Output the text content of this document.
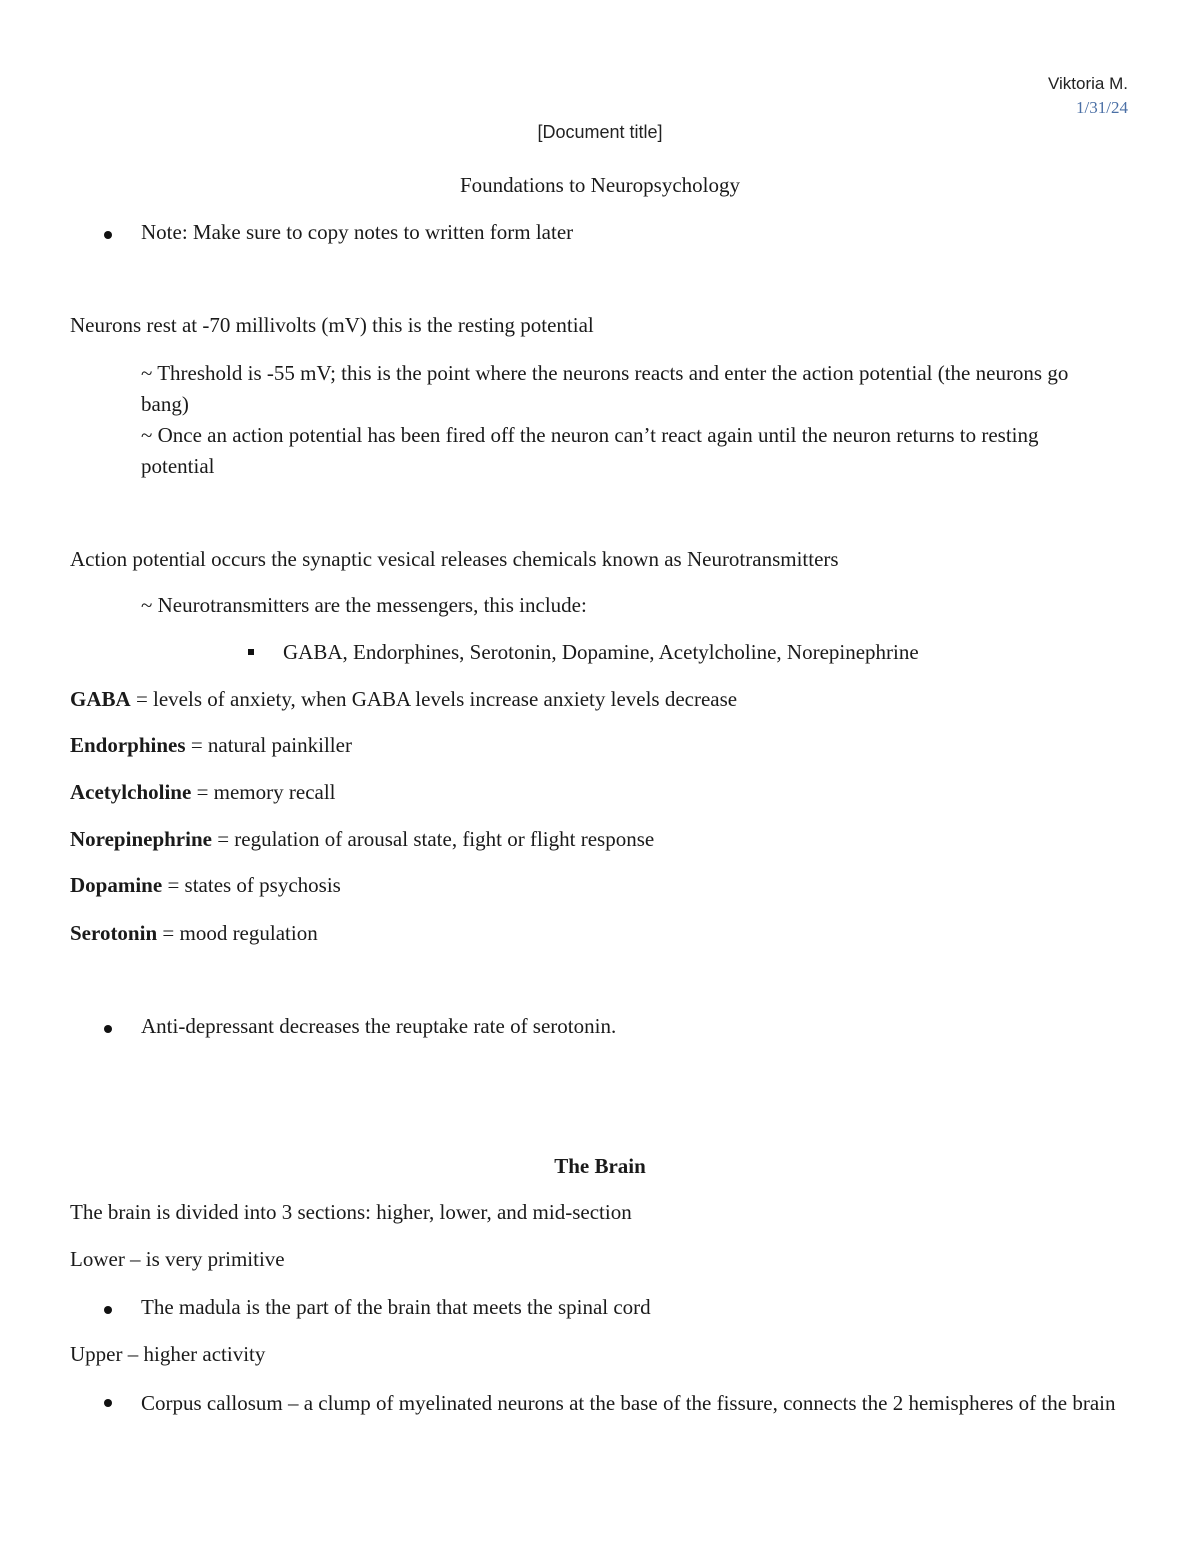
Viktoria M.
1/31/24
[Document title]
Foundations to Neuropsychology
Note: Make sure to copy notes to written form later
Neurons rest at -70 millivolts (mV) this is the resting potential
~ Threshold is -55 mV; this is the point where the neurons reacts and enter the action potential (the neurons go bang)
~ Once an action potential has been fired off the neuron can’t react again until the neuron returns to resting potential
Action potential occurs the synaptic vesical releases chemicals known as Neurotransmitters
~ Neurotransmitters are the messengers, this include:
GABA, Endorphines, Serotonin, Dopamine, Acetylcholine, Norepinephrine
GABA = levels of anxiety, when GABA levels increase anxiety levels decrease
Endorphines = natural painkiller
Acetylcholine = memory recall
Norepinephrine = regulation of arousal state, fight or flight response
Dopamine = states of psychosis
Serotonin = mood regulation
Anti-depressant decreases the reuptake rate of serotonin.
The Brain
The brain is divided into 3 sections: higher, lower, and mid-section
Lower – is very primitive
The madula is the part of the brain that meets the spinal cord
Upper – higher activity
Corpus callosum – a clump of myelinated neurons at the base of the fissure, connects the 2 hemispheres of the brain
